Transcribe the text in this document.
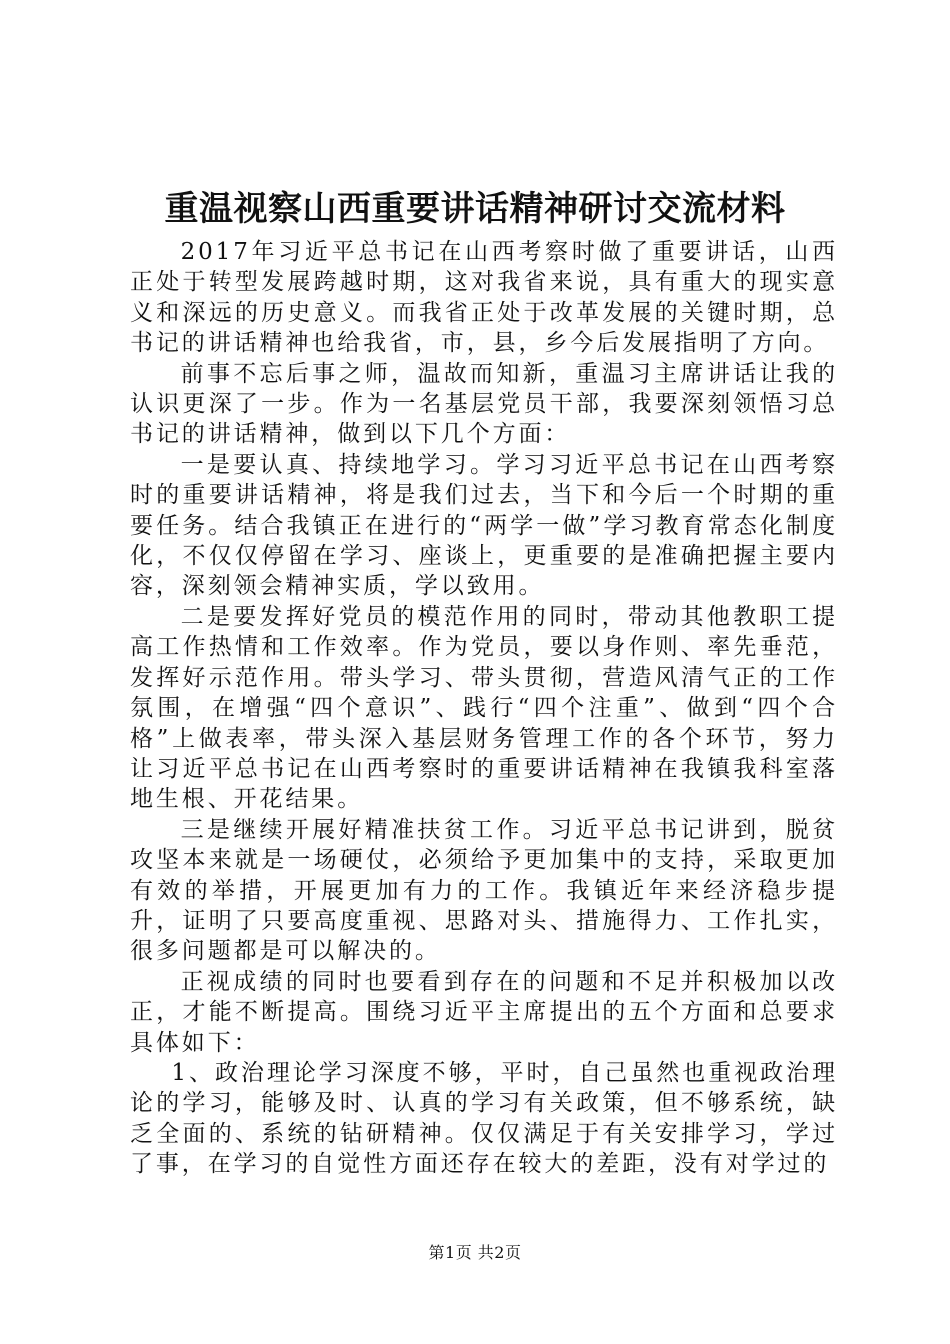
重温视察山西重要讲话精神研讨交流材料

2017年习近平总书记在山西考察时做了重要讲话，山西正处于转型发展跨越时期，这对我省来说，具有重大的现实意义和深远的历史意义。而我省正处于改革发展的关键时期，总书记的讲话精神也给我省，市，县，乡今后发展指明了方向。

前事不忘后事之师，温故而知新，重温习主席讲话让我的认识更深了一步。作为一名基层党员干部，我要深刻领悟习总书记的讲话精神，做到以下几个方面：

一是要认真、持续地学习。学习习近平总书记在山西考察时的重要讲话精神，将是我们过去，当下和今后一个时期的重要任务。结合我镇正在进行的“两学一做”学习教育常态化制度化，不仅仅停留在学习、座谈上，更重要的是准确把握主要内容，深刻领会精神实质，学以致用。

二是要发挥好党员的模范作用的同时，带动其他教职工提高工作热情和工作效率。作为党员，要以身作则、率先垂范，发挥好示范作用。带头学习、带头贯彻，营造风清气正的工作氛围，在增强“四个意识”、践行“四个注重”、做到“四个合格”上做表率，带头深入基层财务管理工作的各个环节，努力让习近平总书记在山西考察时的重要讲话精神在我镇我科室落地生根、开花结果。

三是继续开展好精准扶贫工作。习近平总书记讲到，脱贫攻坚本来就是一场硬仗，必须给予更加集中的支持，采取更加有效的举措，开展更加有力的工作。我镇近年来经济稳步提升，证明了只要高度重视、思路对头、措施得力、工作扎实，很多问题都是可以解决的。

正视成绩的同时也要看到存在的问题和不足并积极加以改正，才能不断提高。围绕习近平主席提出的五个方面和总要求具体如下：

1、政治理论学习深度不够，平时，自己虽然也重视政治理论的学习，能够及时、认真的学习有关政策，但不够系统，缺乏全面的、系统的钻研精神。仅仅满足于有关安排学习，学过了事，在学习的自觉性方面还存在较大的差距，没有对学过的

第1页 共2页
